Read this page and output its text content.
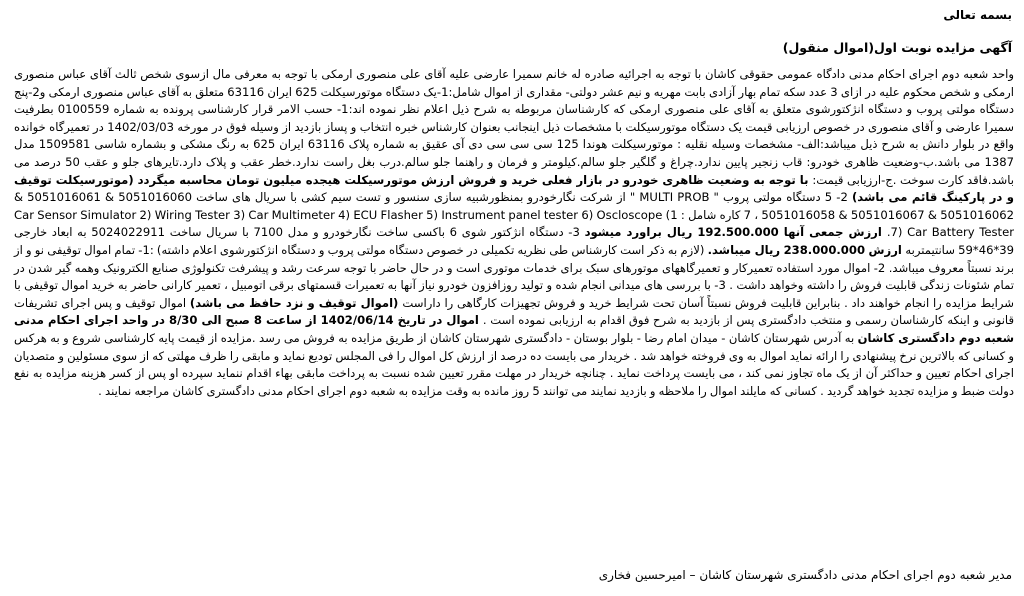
بسمه تعالی
آگهی مزایده نوبت اول(اموال منقول)
واحد شعبه دوم اجرای احکام مدنی دادگاه عمومی حقوقی کاشان با توجه به اجرائیه صادره له خانم سمیرا عارضی علیه آقای علی منصوری ارمکی با توجه به معرفی مال ازسوی شخص ثالث آقای عباس منصوری ارمکی و شخص محکوم علیه در ازای 3 عدد سکه تمام بهار آزادی بابت مهریه و نیم عشر دولتی- مقداری از اموال شامل:1-یک دستگاه موتورسیکلت 625 ایران 63116 متعلق به آقای عباس منصوری ارمکی و2-پنج دستگاه مولتی پروب و دستگاه انژکتورشوی متعلق به آقای علی منصوری ارمکی که کارشناسان مربوطه به شرح ذیل اعلام نظر نموده اند:1- حسب الامر قرار کارشناسی پرونده به شماره 0100559 بطرفیت سمیرا عارضی و آقای منصوری در خصوص ارزیابی قیمت یک دستگاه موتورسیکلت با مشخصات ذیل اینجانب بعنوان کارشناس خبره انتخاب و پساز بازدید از وسیله فوق در مورخه 1402/03/03 در تعمیرگاه خوانده واقع در بلوار دانش به شرح ذیل میباشد:الف- مشخصات وسیله نقلیه : موتورسیکلت هوندا 125 سی سی سی دی آی عقیق به شماره پلاک 63116 ایران 625 به رنگ مشکی و بشماره شاسی 1509581 مدل 1387 می باشد.ب-وضعیت ظاهری خودرو: قاب زنجیر پایین ندارد.چراغ و گلگیر جلو سالم.کیلومتر و فرمان و راهنما جلو سالم.درب بغل راست ندارد.خطر عقب و پلاک دارد.تایرهای جلو و عقب 50 درصد می باشد.فاقد کارت سوخت .ج-ارزیابی قیمت: با توجه به وضعیت ظاهری خودرو در بازار فعلی خرید و فروش ارزش موتورسیکلت هیجده میلیون تومان محاسبه میگردد (موتورسیکلت توقیف و در پارکینگ قائم می باشد) 2- 5 دستگاه مولتی پروب " MULTI PROB " از شرکت نگارخودرو بمنظورشبیه سازی سنسور و تست سیم کشی با سریال های ساخت 5051016060 & 5051016061 & 5051016062 & 5051016067 & 5051016058 ، 7 کاره شامل : 1) Car Sensor Simulator 2) Wiring Tester 3) Car Multimeter 4) ECU Flasher 5) Instrument panel tester 6) Oscloscope 7) Car Battery Tester. ارزش جمعی آنها 192.500.000 ریال براورد میشود 3- دستگاه انژکتور شوی 6 باکسی ساخت نگارخودرو و مدل 7100 با سریال ساخت 5024022911 به ابعاد خارجی 39*46*59 سانتیمتربه ارزش 238.000.000 ریال میباشد. (لازم به ذکر است کارشناس طی نظریه تکمیلی در خصوص دستگاه مولتی پروب و دستگاه انژکتورشوی اعلام داشته) :1- تمام اموال توقیفی نو و از برند نسبتاً معروف میباشد. 2- اموال مورد استفاده تعمیرکار و تعمیرگاههای موتورهای سبک برای خدمات موتوری است و در حال حاضر با توجه سرعت رشد و پیشرفت تکنولوژی صنایع الکترونیک وهمه گیر شدن در تمام شئونات زندگی قابلیت فروش را داشته وخواهد داشت . 3- با بررسی های میدانی انجام شده و تولید روزافزون خودرو نیاز آنها به تعمیرات قسمتهای برقی اتومبیل ، تعمیر کارانی حاضر به خرید اموال توقیفی با شرایط مزایده را انجام خواهند داد . بنابراین قابلیت فروش نسبتاً آسان تحت شرایط خرید و فروش تجهیزات کارگاهی را داراست (اموال توقیف و نزد حافظ می باشد) اموال توقیف و پس اجرای تشریفات قانونی و اینکه کارشناسان رسمی و منتخب دادگستری پس از بازدید به شرح فوق اقدام به ارزیابی نموده است . اموال در تاریخ 1402/06/14 از ساعت 8 صبح الی 8/30 در واحد اجرای احکام مدنی شعبه دوم دادگستری کاشان به آدرس شهرستان کاشان - میدان امام رضا - بلوار بوستان - دادگستری شهرستان کاشان از طریق مزایده به فروش می رسد .مزایده از قیمت پایه کارشناسی شروع و به هرکس و کسانی که بالاترین نرخ پیشنهادی را ارائه نماید اموال به وی فروخته خواهد شد . خریدار می بایست ده درصد از ارزش کل اموال را فی المجلس تودیع نماید و مابقی را ظرف مهلتی که از سوی مسئولین و متصدیان اجرای احکام تعیین و حداکثر آن از یک ماه تجاوز نمی کند ، می بایست پرداخت نماید . چنانچه خریدار در مهلت مقرر تعیین شده نسبت به پرداخت مابقی بهاء اقدام ننماید سپرده او پس از کسر هزینه مزایده به نفع دولت ضبط و مزایده تجدید خواهد گردید . کسانی که مایلند اموال را ملاحظه و بازدید نمایند می توانند 5 روز مانده به وقت مزایده به شعبه دوم اجرای احکام مدنی دادگستری کاشان مراجعه نمایند .
مدیر شعبه دوم اجرای احکام مدنی دادگستری شهرستان کاشان – امیرحسین فخاری
